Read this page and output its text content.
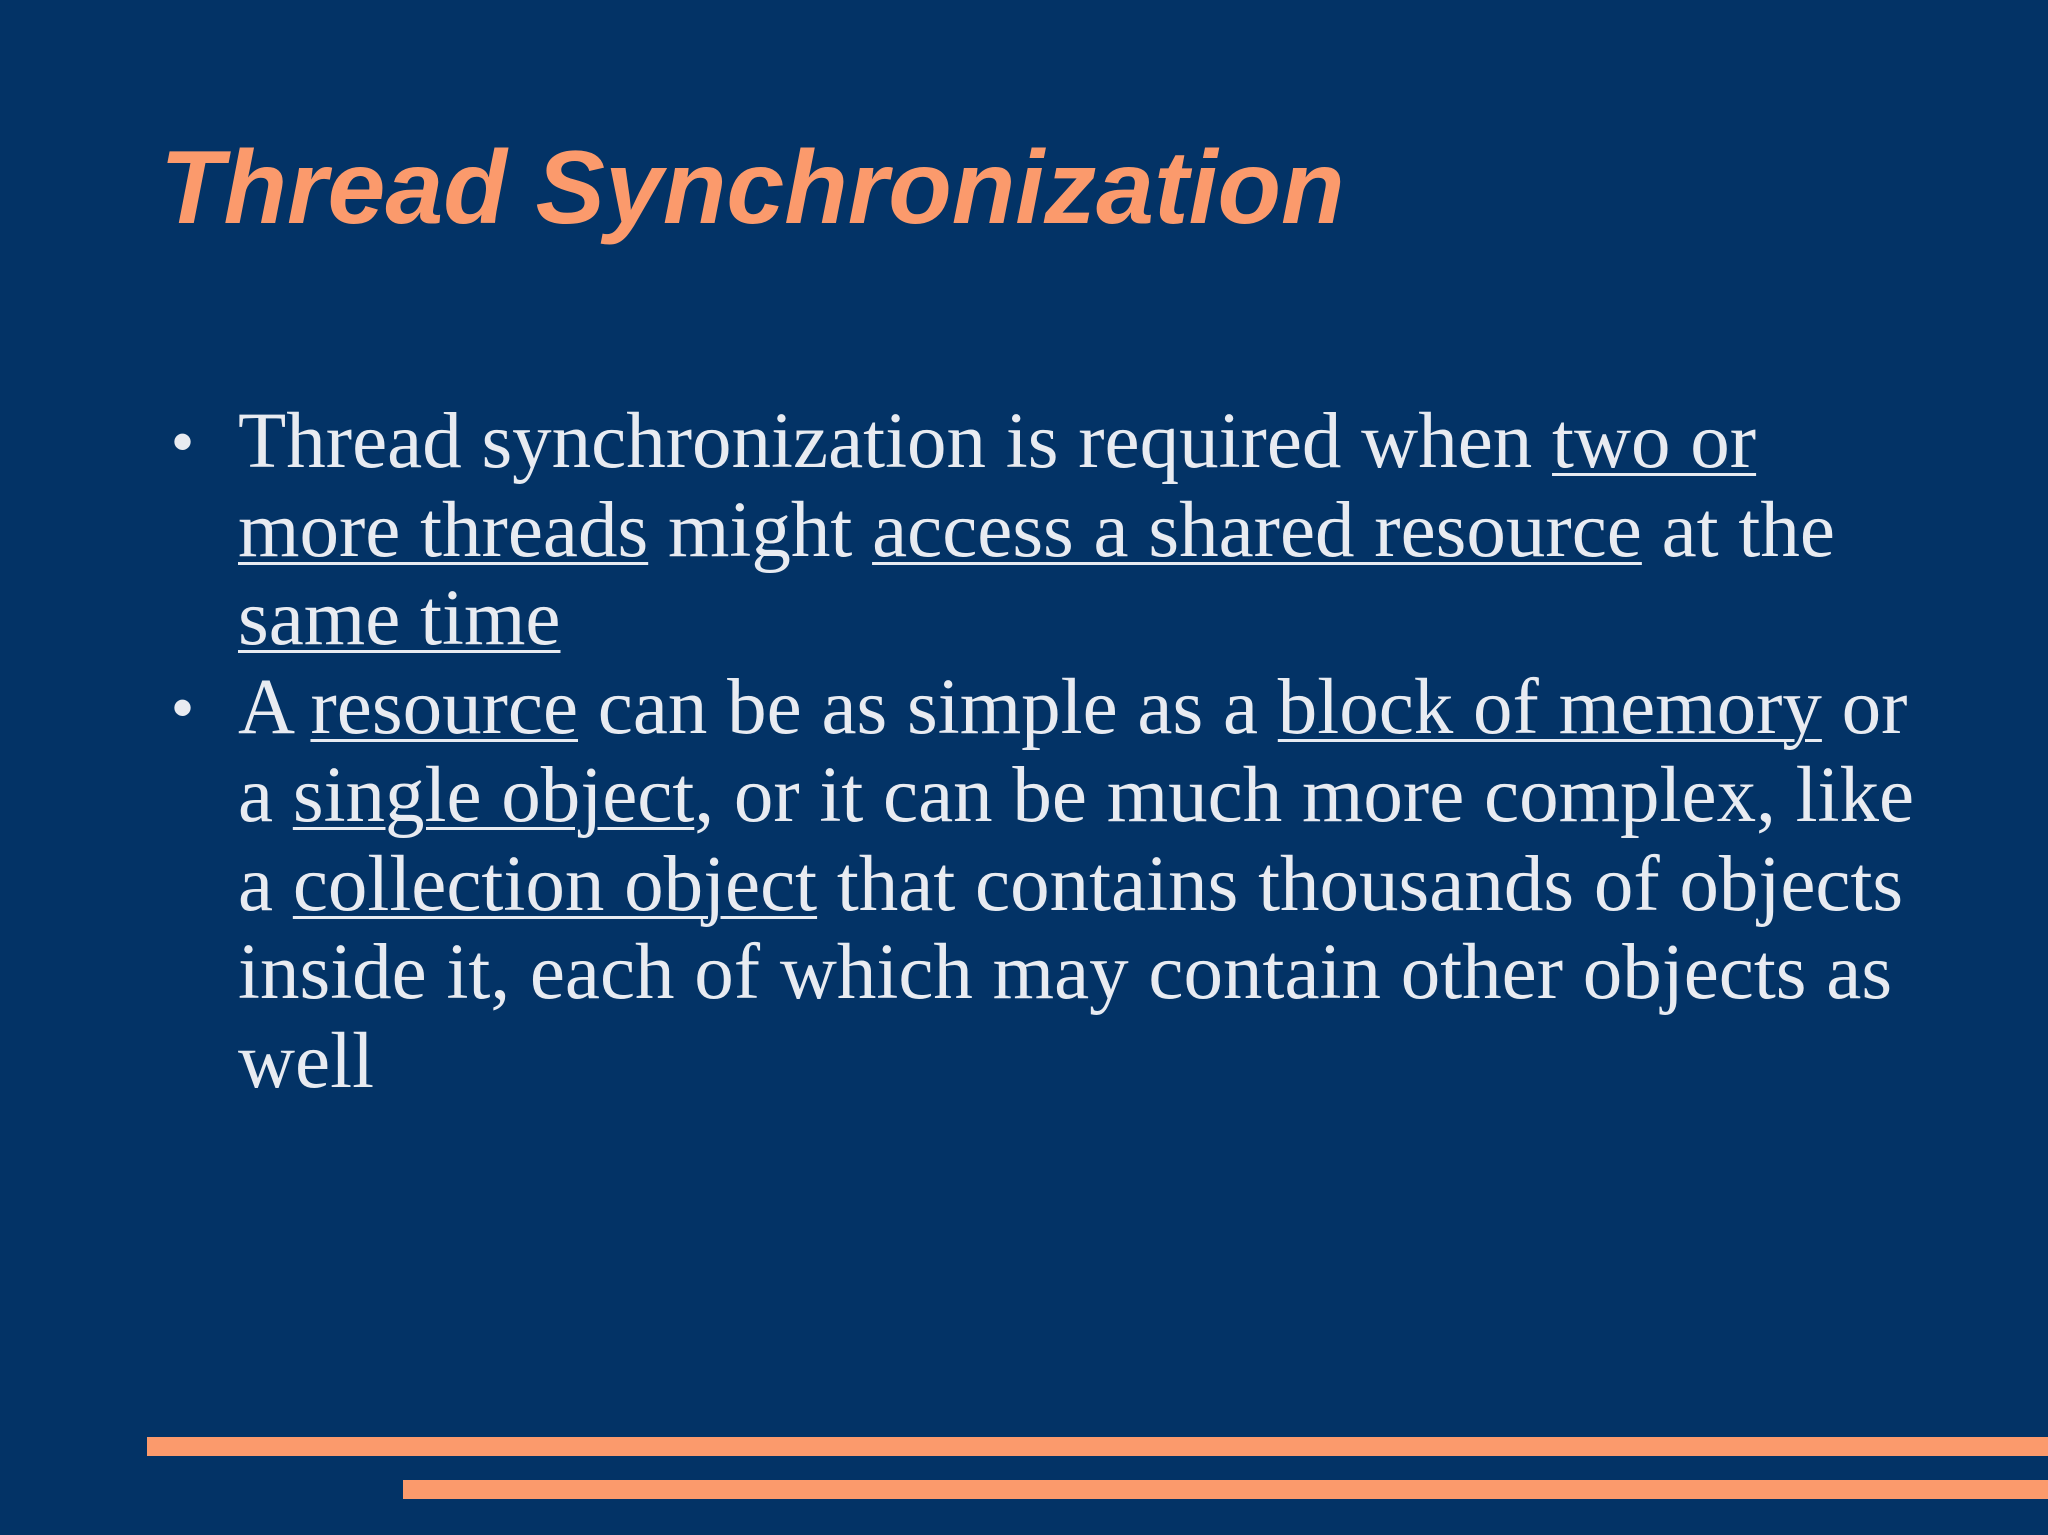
Thread Synchronization
• Thread synchronization is required when two or more threads might access a shared resource at the same time
• A resource can be as simple as a block of memory or a single object, or it can be much more complex, like a collection object that contains thousands of objects inside it, each of which may contain other objects as well
